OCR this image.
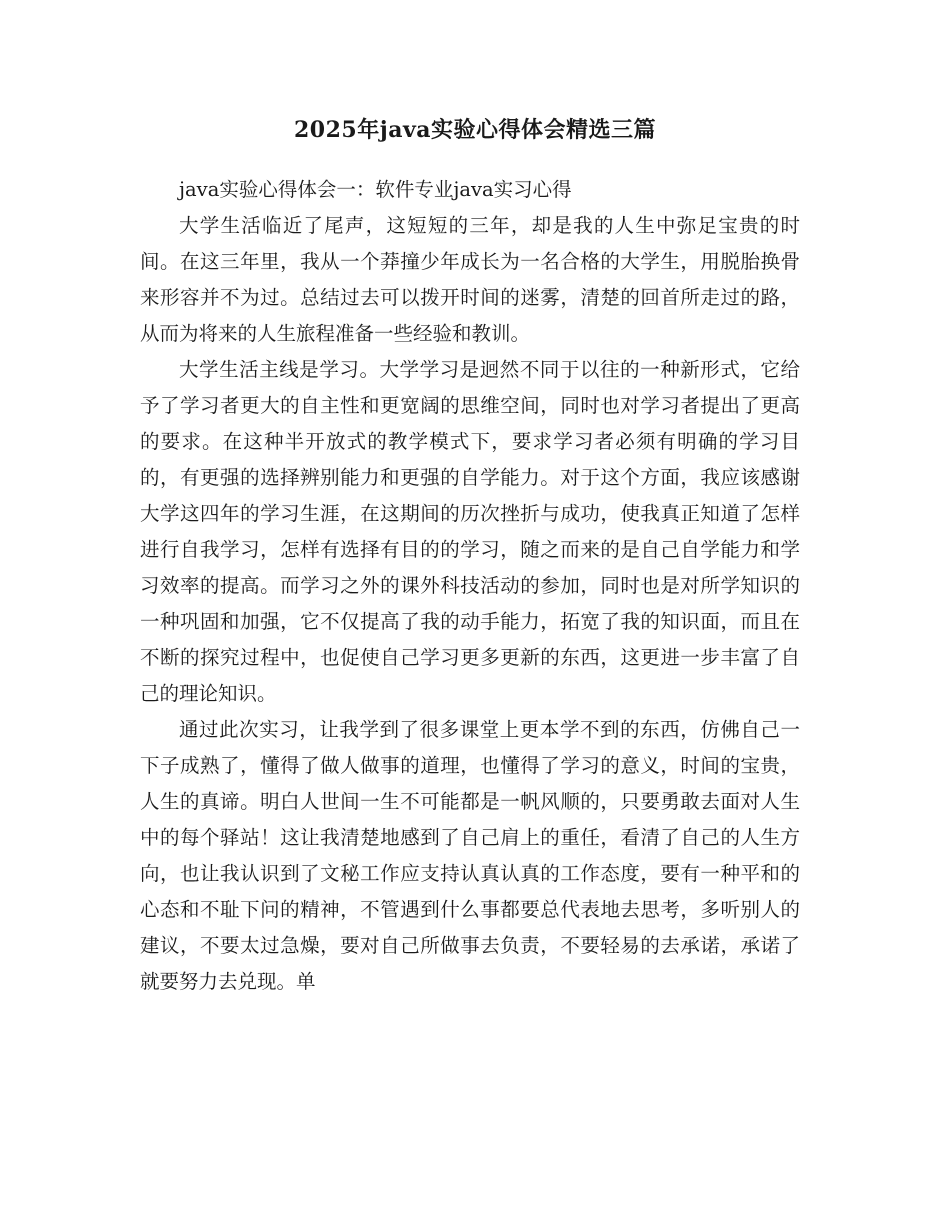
2025年java实验心得体会精选三篇

java实验心得体会一：软件专业java实习心得

大学生活临近了尾声，这短短的三年，却是我的人生中弥足宝贵的时间。在这三年里，我从一个莽撞少年成长为一名合格的大学生，用脱胎换骨来形容并不为过。总结过去可以拨开时间的迷雾，清楚的回首所走过的路，从而为将来的人生旅程准备一些经验和教训。

大学生活主线是学习。大学学习是迥然不同于以往的一种新形式，它给予了学习者更大的自主性和更宽阔的思维空间，同时也对学习者提出了更高的要求。在这种半开放式的教学模式下，要求学习者必须有明确的学习目的，有更强的选择辨别能力和更强的自学能力。对于这个方面，我应该感谢大学这四年的学习生涯，在这期间的历次挫折与成功，使我真正知道了怎样进行自我学习，怎样有选择有目的的学习，随之而来的是自己自学能力和学习效率的提高。而学习之外的课外科技活动的参加，同时也是对所学知识的一种巩固和加强，它不仅提高了我的动手能力，拓宽了我的知识面，而且在不断的探究过程中，也促使自己学习更多更新的东西，这更进一步丰富了自己的理论知识。

通过此次实习，让我学到了很多课堂上更本学不到的东西，仿佛自己一下子成熟了，懂得了做人做事的道理，也懂得了学习的意义，时间的宝贵，人生的真谛。明白人世间一生不可能都是一帆风顺的，只要勇敢去面对人生中的每个驿站！这让我清楚地感到了自己肩上的重任，看清了自己的人生方向，也让我认识到了文秘工作应支持认真认真的工作态度，要有一种平和的心态和不耻下问的精神，不管遇到什么事都要总代表地去思考，多听别人的建议，不要太过急燥，要对自己所做事去负责，不要轻易的去承诺，承诺了就要努力去兑现。单
